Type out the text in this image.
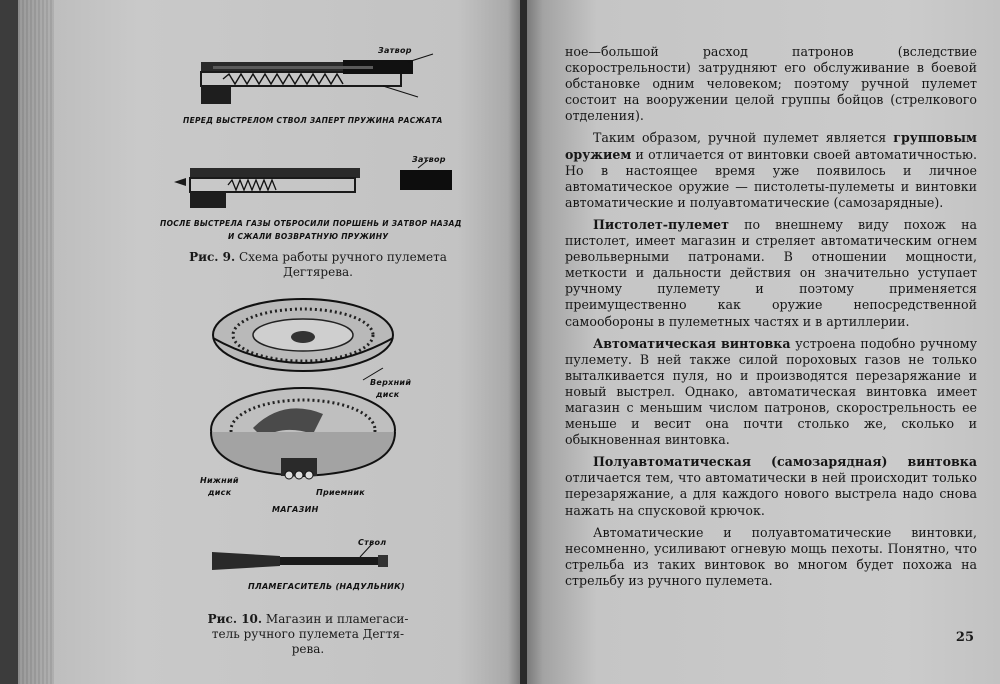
Затвор
ПЕРЕД ВЫСТРЕЛОМ СТВОЛ ЗАПЕРТ ПРУЖИНА РАСЖАТА
Затвор
ПОСЛЕ ВЫСТРЕЛА ГАЗЫ ОТБРОСИЛИ ПОРШЕНЬ И ЗАТВОР НАЗАД
И СЖАЛИ ВОЗВРАТНУЮ ПРУЖИНУ
Рис. 9. Схема работы ручного пулемета
Дегтярева.
Верхний
диск
Нижний
диск	Приемник
МАГАЗИН
Ствол
ПЛАМЕГАСИТЕЛЬ (НАДУЛЬНИК)
Рис. 10. Магазин и пламегаси-
тель ручного пулемета Дегтя-
рева.

ное—большой расход патронов (вследствие скорострельности) затрудняют его обслуживание в боевой обстановке одним человеком; поэтому ручной пулемет состоит на вооружении целой группы бойцов (стрелкового отделения).

Таким образом, ручной пулемет является групповым оружием и отличается от винтовки своей автоматичностью. Но в настоящее время уже появилось и личное автоматическое оружие — пистолеты-пулеметы и винтовки автоматические и полуавтоматические (самозарядные).

Пистолет-пулемет по внешнему виду похож на пистолет, имеет магазин и стреляет автоматическим огнем револьверными патронами. В отношении мощности, меткости и дальности действия он значительно уступает ручному пулемету и поэтому применяется преимущественно как оружие непосредственной самообороны в пулеметных частях и в артиллерии.

Автоматическая винтовка устроена подобно ручному пулемету. В ней также силой пороховых газов не только выталкивается пуля, но и производятся перезаряжание и новый выстрел. Однако, автоматическая винтовка имеет магазин с меньшим числом патронов, скорострельность ее меньше и весит она почти столько же, сколько и обыкновенная винтовка.

Полуавтоматическая (самозарядная) винтовка отличается тем, что автоматически в ней происходит только перезаряжание, а для каждого нового выстрела надо снова нажать на спусковой крючок.

Автоматические и полуавтоматические винтовки, несомненно, усиливают огневую мощь пехоты. Понятно, что стрельба из таких винтовок во многом будет похожа на стрельбу из ручного пулемета.

25
